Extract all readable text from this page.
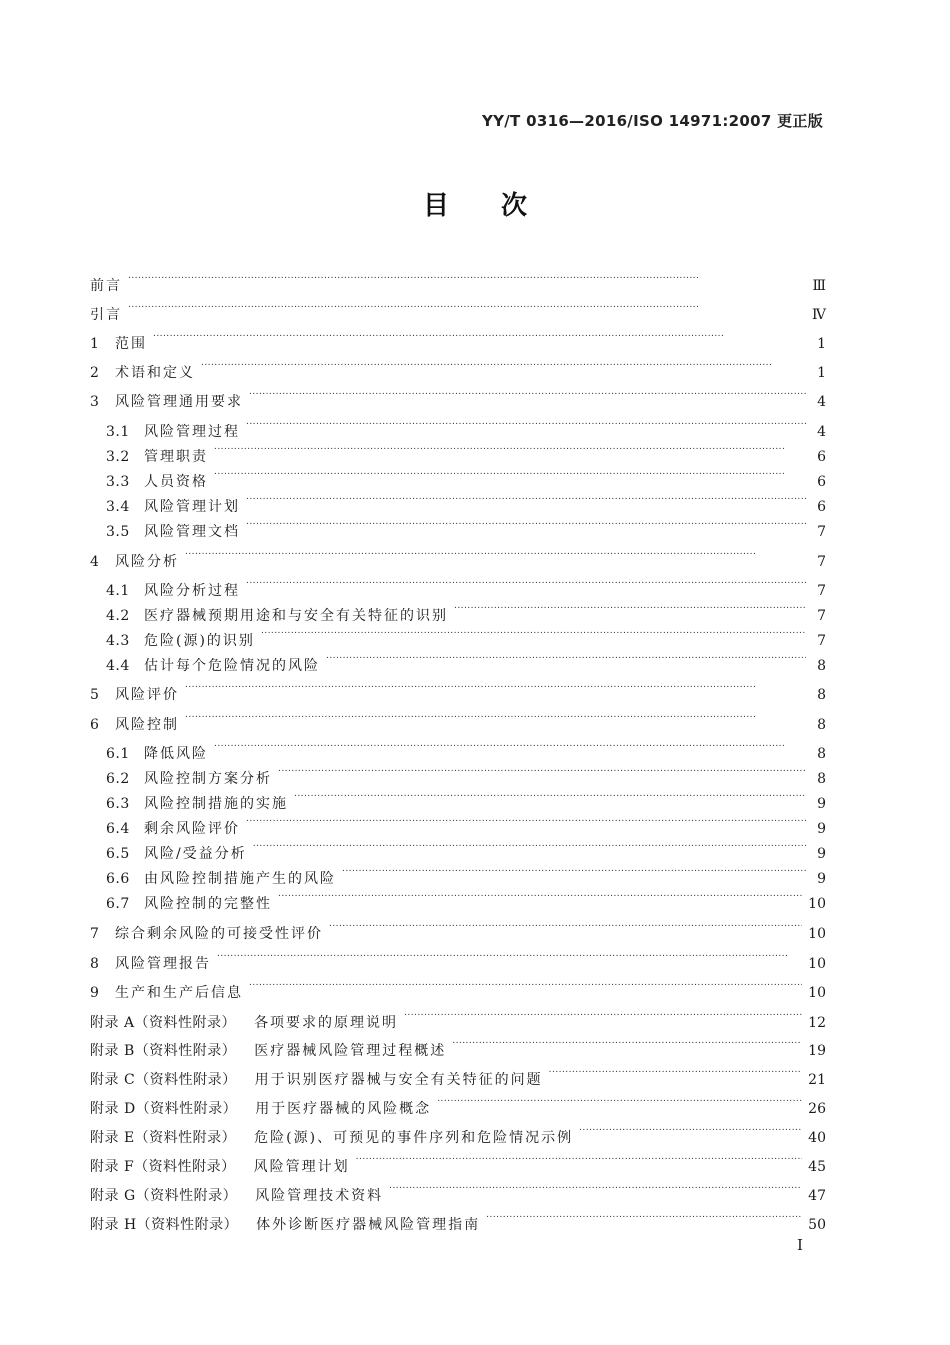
YY/T 0316—2016/ISO 14971:2007 更正版
目次
前言 . . .	Ⅲ
引言 . . .	Ⅳ
1	范围 . . .	1
2	术语和定义 . . .	1
3	风险管理通用要求 . . .	4
3.1	风险管理过程 . . .	4
3.2	管理职责 . . .	6
3.3	人员资格 . . .	6
3.4	风险管理计划 . . .	6
3.5	风险管理文档 . . .	7
4	风险分析 . . .	7
4.1	风险分析过程 . . .	7
4.2	医疗器械预期用途和与安全有关特征的识别 . . .	7
4.3	危险(源)的识别 . . .	7
4.4	估计每个危险情况的风险 . . .	8
5	风险评价 . . .	8
6	风险控制 . . .	8
6.1	降低风险 . . .	8
6.2	风险控制方案分析 . . .	8
6.3	风险控制措施的实施 . . .	9
6.4	剩余风险评价 . . .	9
6.5	风险/受益分析 . . .	9
6.6	由风险控制措施产生的风险 . . .	9
6.7	风险控制的完整性 . . .	10
7	综合剩余风险的可接受性评价 . . .	10
8	风险管理报告 . . .	10
9	生产和生产后信息 . . .	10
附录 A（资料性附录） 各项要求的原理说明 . . .	12
附录 B（资料性附录） 医疗器械风险管理过程概述 . . .	19
附录 C（资料性附录） 用于识别医疗器械与安全有关特征的问题 . . .	21
附录 D（资料性附录） 用于医疗器械的风险概念 . . .	26
附录 E（资料性附录） 危险(源)、可预见的事件序列和危险情况示例 . . .	40
附录 F（资料性附录） 风险管理计划 . . .	45
附录 G（资料性附录） 风险管理技术资料 . . .	47
附录 H（资料性附录） 体外诊断医疗器械风险管理指南 . . .	50
I
